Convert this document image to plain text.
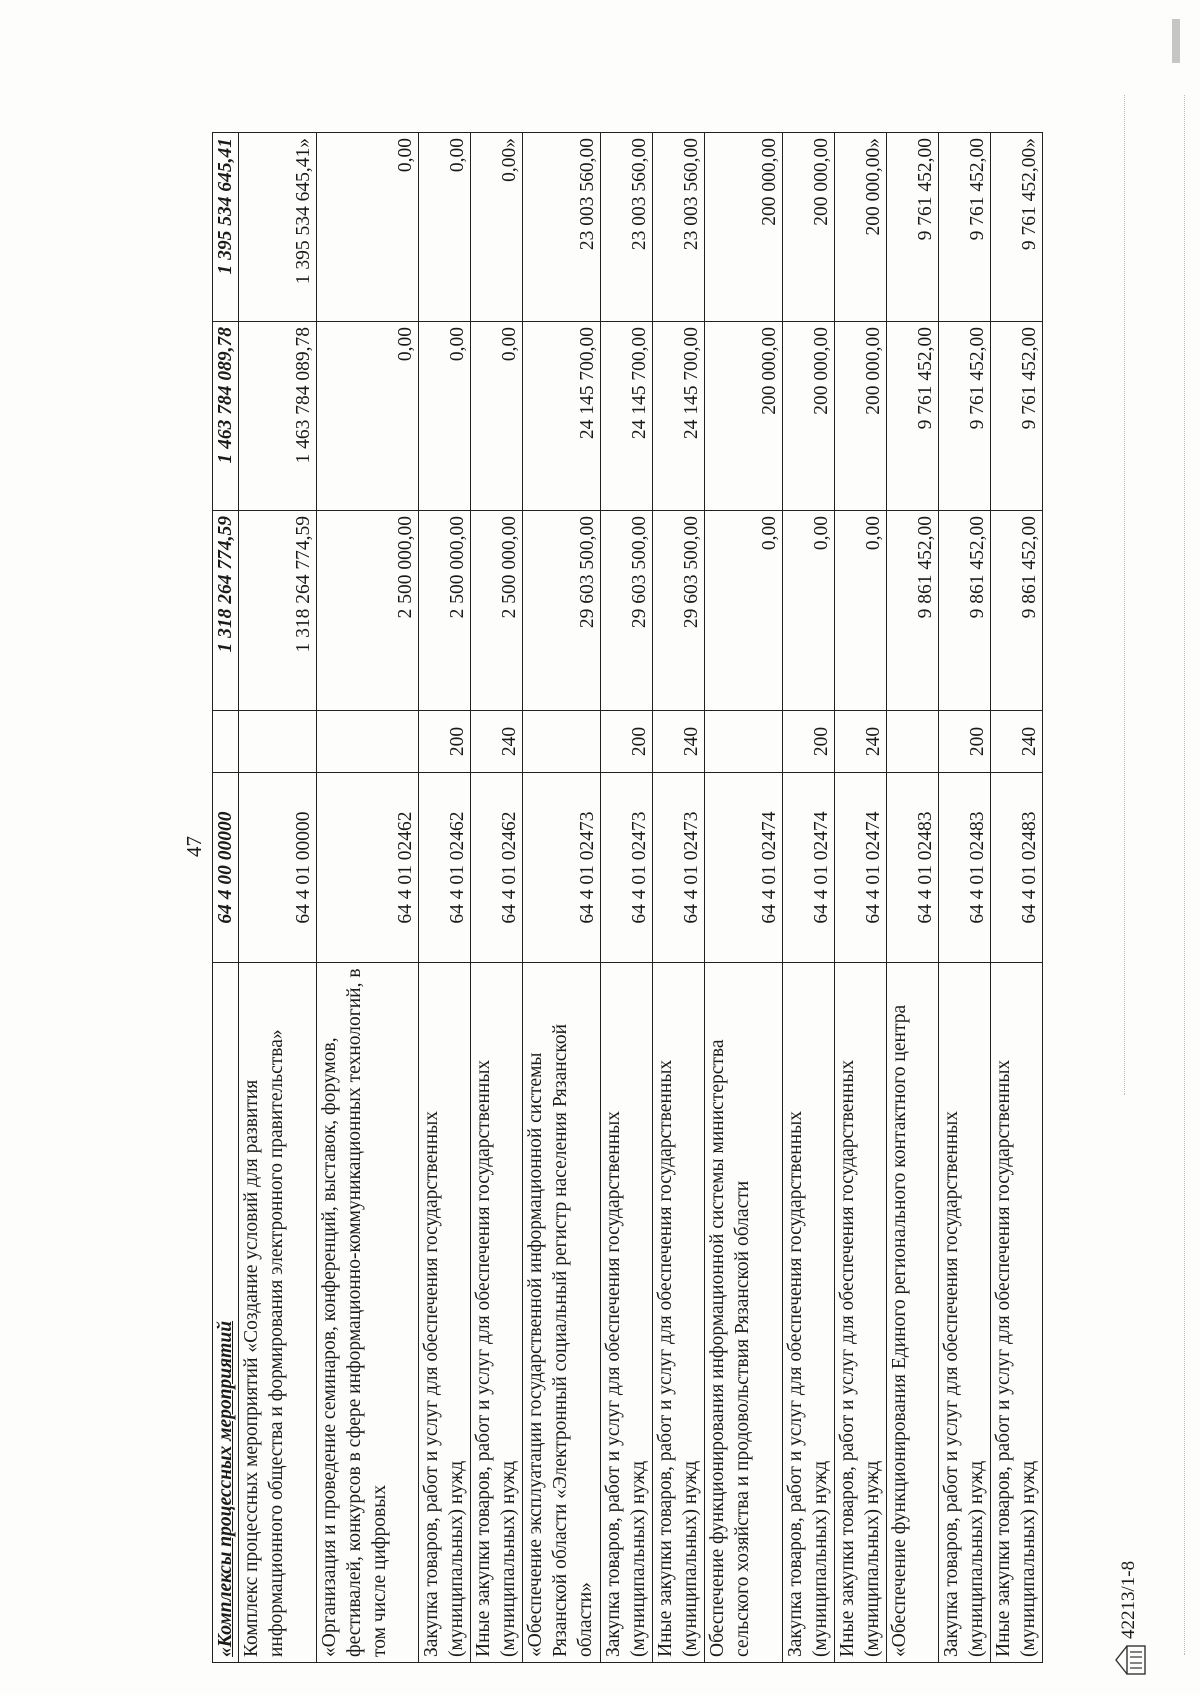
47
42213/1-8
«Комплексы процессных мероприятий	64 4 00 00000		1 318 264 774,59	1 463 784 089,78	1 395 534 645,41
Комплекс процессных мероприятий «Создание условий для развития информационного общества и формирования электронного правительства»	64 4 01 00000		1 318 264 774,59	1 463 784 089,78	1 395 534 645,41»
«Организация и проведение семинаров, конференций, выставок, форумов, фестивалей, конкурсов в сфере информационно-коммуникационных технологий, в том числе цифровых	64 4 01 02462		2 500 000,00	0,00	0,00
Закупка товаров, работ и услуг для обеспечения государственных (муниципальных) нужд	64 4 01 02462	200	2 500 000,00	0,00	0,00
Иные закупки товаров, работ и услуг для обеспечения государственных (муниципальных) нужд	64 4 01 02462	240	2 500 000,00	0,00	0,00»
«Обеспечение эксплуатации государственной информационной системы Рязанской области «Электронный социальный регистр населения Рязанской области»	64 4 01 02473		29 603 500,00	24 145 700,00	23 003 560,00
Закупка товаров, работ и услуг для обеспечения государственных (муниципальных) нужд	64 4 01 02473	200	29 603 500,00	24 145 700,00	23 003 560,00
Иные закупки товаров, работ и услуг для обеспечения государственных (муниципальных) нужд	64 4 01 02473	240	29 603 500,00	24 145 700,00	23 003 560,00
Обеспечение функционирования информационной системы министерства сельского хозяйства и продовольствия Рязанской области	64 4 01 02474		0,00	200 000,00	200 000,00
Закупка товаров, работ и услуг для обеспечения государственных (муниципальных) нужд	64 4 01 02474	200	0,00	200 000,00	200 000,00
Иные закупки товаров, работ и услуг для обеспечения государственных (муниципальных) нужд	64 4 01 02474	240	0,00	200 000,00	200 000,00»
«Обеспечение функционирования Единого регионального контактного центра	64 4 01 02483		9 861 452,00	9 761 452,00	9 761 452,00
Закупка товаров, работ и услуг для обеспечения государственных (муниципальных) нужд	64 4 01 02483	200	9 861 452,00	9 761 452,00	9 761 452,00
Иные закупки товаров, работ и услуг для обеспечения государственных (муниципальных) нужд	64 4 01 02483	240	9 861 452,00	9 761 452,00	9 761 452,00»
